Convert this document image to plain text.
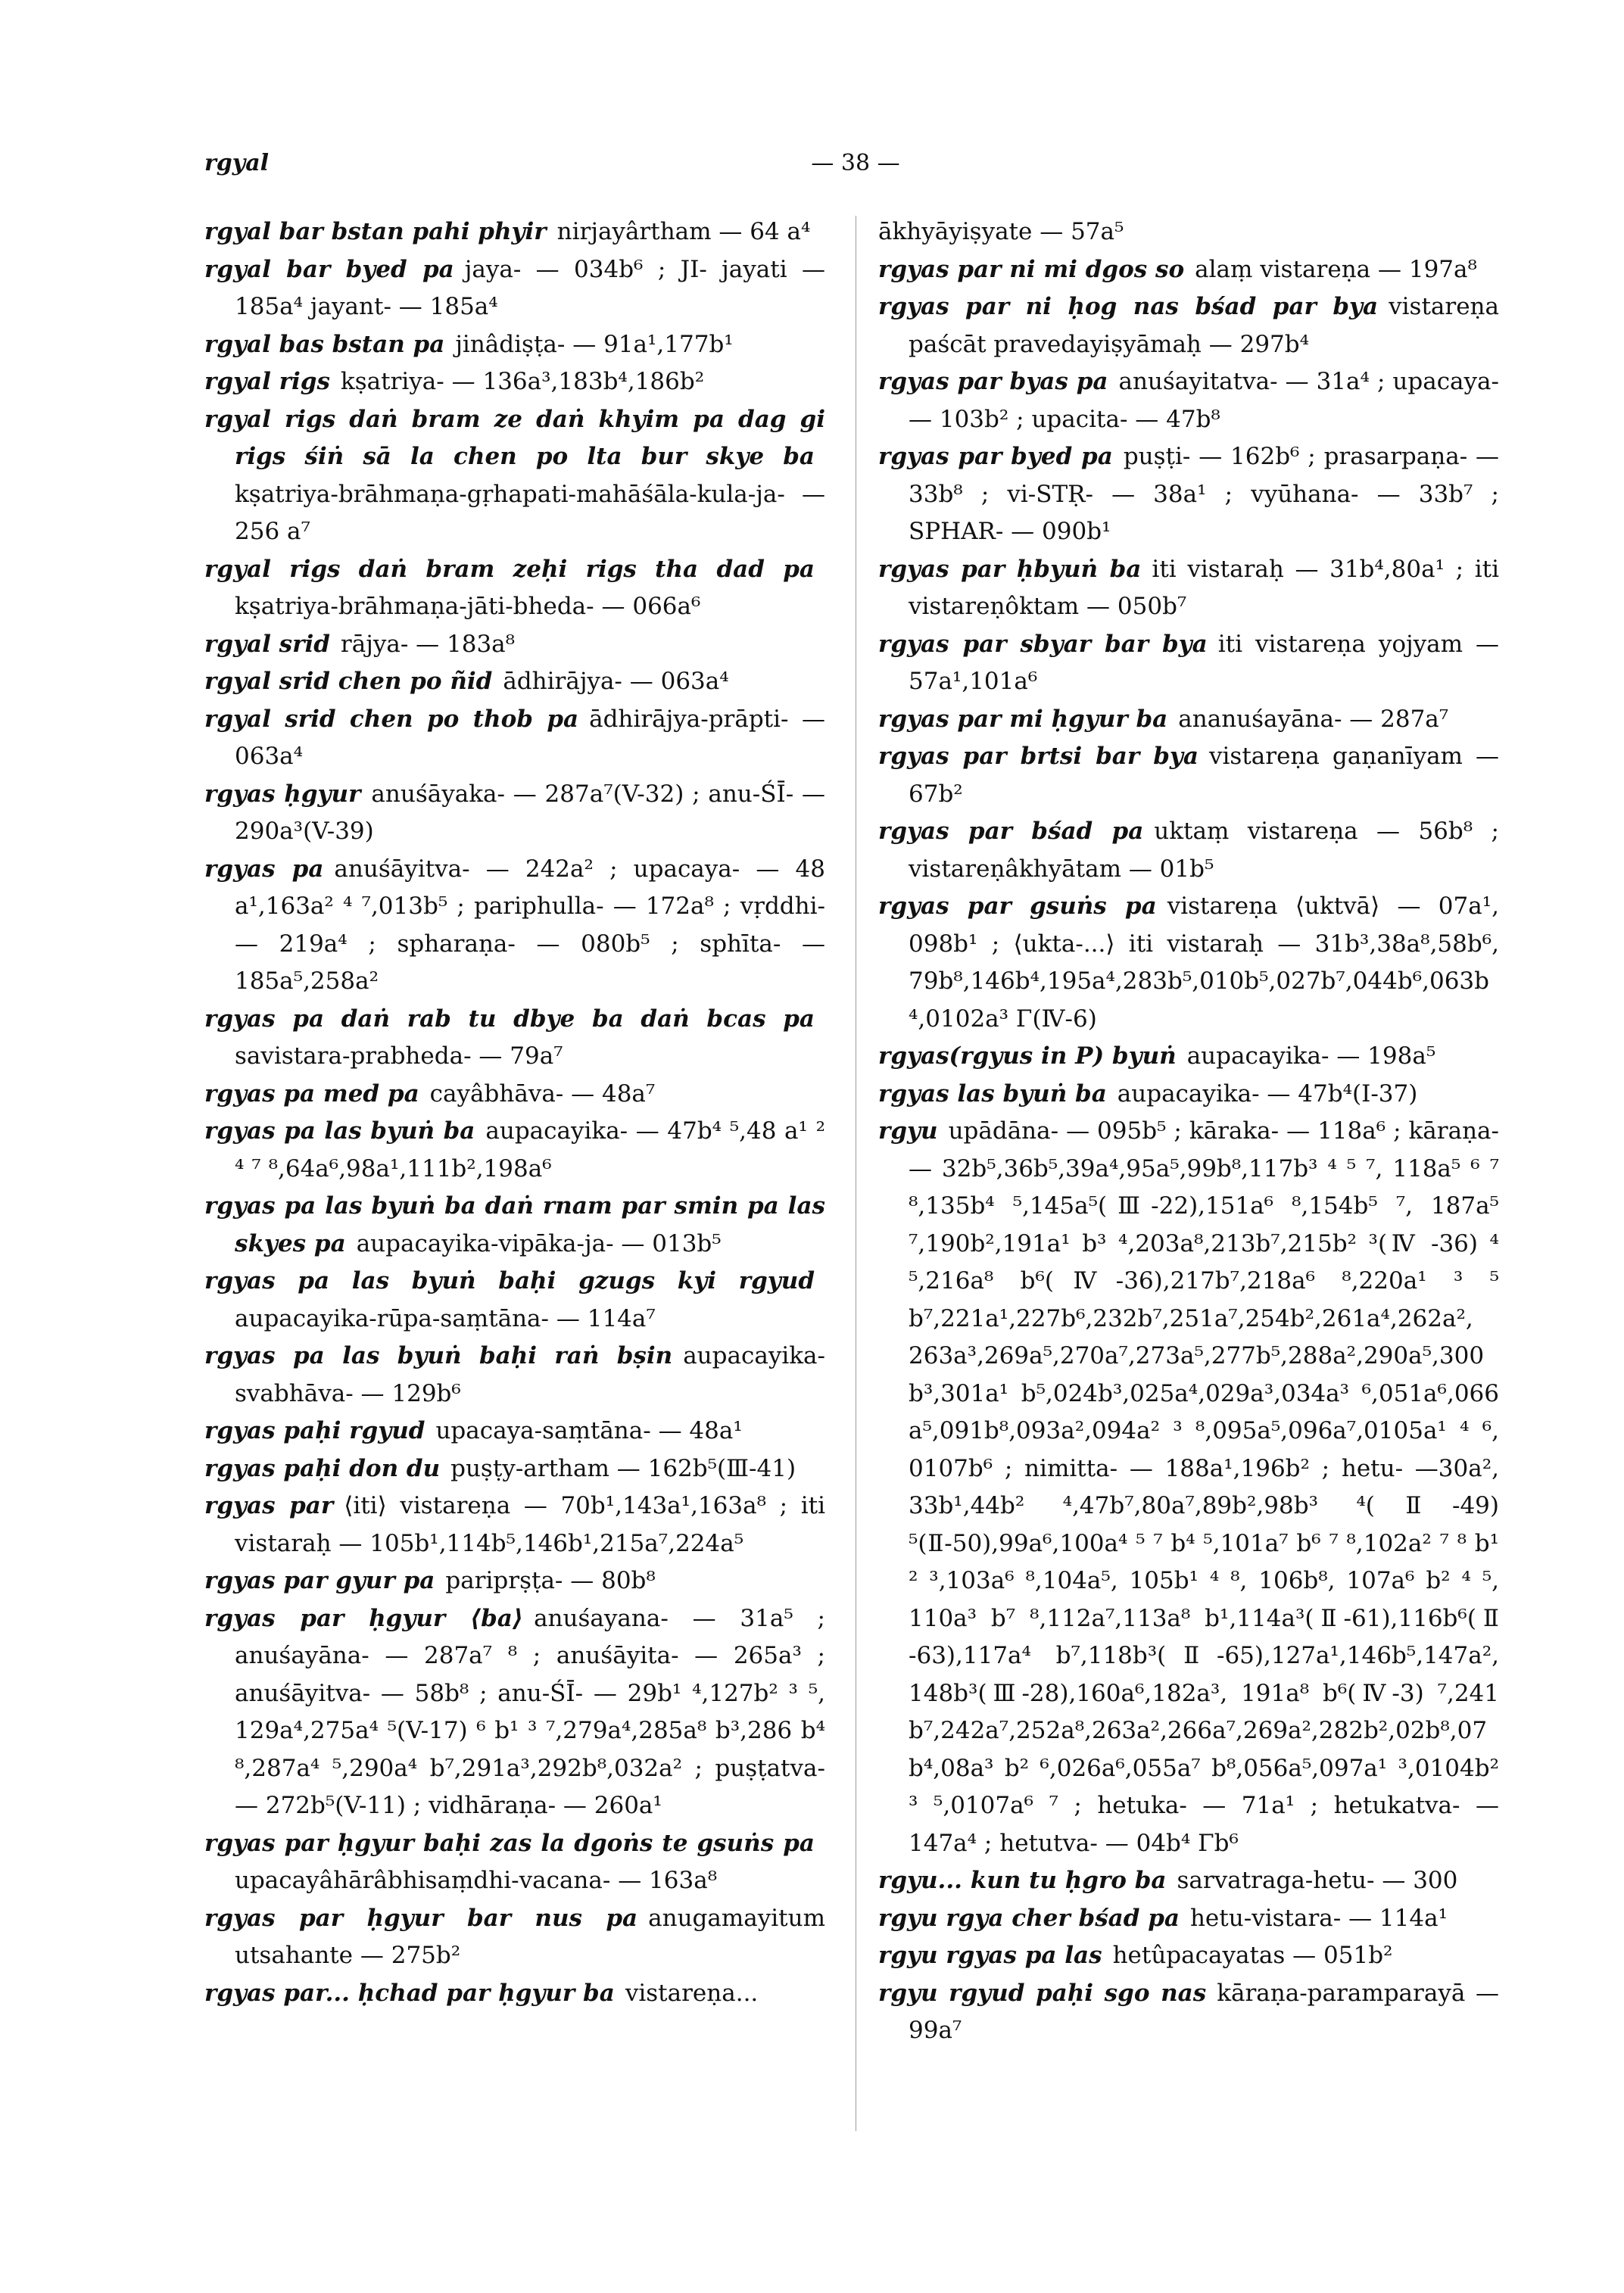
rgyal	— 38 —
rgyal bar bstan pahi phyir nirjayârtham — 64 a⁴
rgyal bar byed pa jaya- — 034b⁶ ; JI- jayati — 185a⁴ jayant- — 185a⁴
rgyal bas bstan pa jinâdiṣṭa- — 91a¹,177b¹
rgyal rigs kṣatriya- — 136a³,183b⁴,186b²
rgyal rigs daṅ bram ze daṅ khyim pa dag gi rigs śiṅ sā la chen po lta bur skye bakṣatriya-brāhmaṇa-gṛhapati-mahāśāla-kula-ja- — 256 a⁷
rgyal rigs daṅ bram zeḥi rigs tha dad pakṣatriya-brāhmaṇa-jāti-bheda- — 066a⁶
rgyal srid rājya- — 183a⁸
rgyal srid chen po ñid ādhirājya- — 063a⁴
rgyal srid chen po thob pa ādhirājya-prāpti- — 063a⁴
rgyas ḥgyur anuśāyaka- — 287a⁷(V-32) ; anu-ŚĪ- — 290a³(V-39)
rgyas pa anuśāyitva- — 242a² ; upacaya- — 48 a¹,163a² ⁴ ⁷,013b⁵ ; pariphulla- — 172a⁸ ; vṛddhi- — 219a⁴ ; spharaṇa- — 080b⁵ ; sphīta- — 185a⁵,258a²
rgyas pa daṅ rab tu dbye ba daṅ bcas pasavistara-prabheda- — 79a⁷
rgyas pa med pa cayâbhāva- — 48a⁷
rgyas pa las byuṅ ba aupacayika- — 47b⁴ ⁵,48 a¹ ² ⁴ ⁷ ⁸,64a⁶,98a¹,111b²,198a⁶
rgyas pa las byuṅ ba daṅ rnam par smin pa las skyes pa aupacayika-vipāka-ja- — 013b⁵
rgyas pa las byuṅ baḥi gzugs kyi rgyudaupacayika-rūpa-saṃtāna- — 114a⁷
rgyas pa las byuṅ baḥi raṅ bṣin aupacayika-svabhāva- — 129b⁶
rgyas paḥi rgyud upacaya-saṃtāna- — 48a¹
rgyas paḥi don du puṣṭy-artham — 162b⁵(Ⅲ-41)
rgyas par ⟨iti⟩ vistareṇa — 70b¹,143a¹,163a⁸ ; iti vistaraḥ — 105b¹,114b⁵,146b¹,215a⁷,224a⁵
rgyas par gyur pa pariprṣṭa- — 80b⁸
rgyas par ḥgyur ⟨ba⟩ anuśayana- — 31a⁵ ; anuśayāna- — 287a⁷ ⁸ ; anuśāyita- — 265a³ ; anuśāyitva- — 58b⁸ ; anu-ŚĪ- — 29b¹ ⁴,127b² ³ ⁵, 129a⁴,275a⁴ ⁵(V-17) ⁶ b¹ ³ ⁷,279a⁴,285a⁸ b³,286 b⁴ ⁸,287a⁴ ⁵,290a⁴ b⁷,291a³,292b⁸,032a² ; puṣṭatva- — 272b⁵(V-11) ; vidhāraṇa- — 260a¹
rgyas par ḥgyur baḥi zas la dgoṅs te gsuṅs paupacayâhārâbhisaṃdhi-vacana- — 163a⁸
rgyas par ḥgyur bar nus pa anugamayitum utsahante — 275b²
rgyas par... ḥchad par ḥgyur ba vistareṇa...
ākhyāyiṣyate — 57a⁵
rgyas par ni mi dgos so alaṃ vistareṇa — 197a⁸
rgyas par ni ḥog nas bśad par bya vistareṇa paścāt pravedayiṣyāmaḥ — 297b⁴
rgyas par byas pa anuśayitatva- — 31a⁴ ; upacaya- — 103b² ; upacita- — 47b⁸
rgyas par byed pa puṣṭi- — 162b⁶ ; prasarpaṇa- — 33b⁸ ; vi-STṚ- — 38a¹ ; vyūhana- — 33b⁷ ; SPHAR- — 090b¹
rgyas par ḥbyuṅ ba iti vistaraḥ — 31b⁴,80a¹ ; iti vistareṇôktam — 050b⁷
rgyas par sbyar bar bya iti vistareṇa yojyam — 57a¹,101a⁶
rgyas par mi ḥgyur ba ananuśayāna- — 287a⁷
rgyas par brtsi bar bya vistareṇa gaṇanīyam — 67b²
rgyas par bśad pa uktaṃ vistareṇa — 56b⁸ ; vistareṇâkhyātam — 01b⁵
rgyas par gsuṅs pa vistareṇa ⟨uktvā⟩ — 07a¹, 098b¹ ; ⟨ukta-...⟩ iti vistaraḥ — 31b³,38a⁸,58b⁶, 79b⁸,146b⁴,195a⁴,283b⁵,010b⁵,027b⁷,044b⁶,063b ⁴,0102a³ Γ(Ⅳ-6)
rgyas(rgyus in P) byuṅ aupacayika- — 198a⁵
rgyas las byuṅ ba aupacayika- — 47b⁴(Ⅰ-37)
rgyu upādāna- — 095b⁵ ; kāraka- — 118a⁶ ; kāraṇa- — 32b⁵,36b⁵,39a⁴,95a⁵,99b⁸,117b³ ⁴ ⁵ ⁷, 118a⁵ ⁶ ⁷ ⁸,135b⁴ ⁵,145a⁵(Ⅲ-22),151a⁶ ⁸,154b⁵ ⁷, 187a⁵ ⁷,190b²,191a¹ b³ ⁴,203a⁸,213b⁷,215b² ³(Ⅳ -36) ⁴ ⁵,216a⁸ b⁶(Ⅳ-36),217b⁷,218a⁶ ⁸,220a¹ ³ ⁵ b⁷,221a¹,227b⁶,232b⁷,251a⁷,254b²,261a⁴,262a², 263a³,269a⁵,270a⁷,273a⁵,277b⁵,288a²,290a⁵,300 b³,301a¹ b⁵,024b³,025a⁴,029a³,034a³ ⁶,051a⁶,066 a⁵,091b⁸,093a²,094a² ³ ⁸,095a⁵,096a⁷,0105a¹ ⁴ ⁶, 0107b⁶ ; nimitta- — 188a¹,196b² ; hetu- —30a², 33b¹,44b² ⁴,47b⁷,80a⁷,89b²,98b³ ⁴(Ⅱ-49) ⁵(Ⅱ-50),99a⁶,100a⁴ ⁵ ⁷ b⁴ ⁵,101a⁷ b⁶ ⁷ ⁸,102a² ⁷ ⁸ b¹ ² ³,103a⁶ ⁸,104a⁵, 105b¹ ⁴ ⁸, 106b⁸, 107a⁶ b² ⁴ ⁵, 110a³ b⁷ ⁸,112a⁷,113a⁸ b¹,114a³(Ⅱ-61),116b⁶(Ⅱ -63),117a⁴ b⁷,118b³(Ⅱ-65),127a¹,146b⁵,147a², 148b³(Ⅲ-28),160a⁶,182a³, 191a⁸ b⁶(Ⅳ-3) ⁷,241 b⁷,242a⁷,252a⁸,263a²,266a⁷,269a²,282b²,02b⁸,07 b⁴,08a³ b² ⁶,026a⁶,055a⁷ b⁸,056a⁵,097a¹ ³,0104b² ³ ⁵,0107a⁶ ⁷ ; hetuka- — 71a¹ ; hetukatva- — 147a⁴ ; hetutva- — 04b⁴ Γb⁶
rgyu... kun tu ḥgro ba sarvatraga-hetu- — 300
rgyu rgya cher bśad pa hetu-vistara- — 114a¹
rgyu rgyas pa las hetûpacayatas — 051b²
rgyu rgyud paḥi sgo nas kāraṇa-paramparayā — 99a⁷
